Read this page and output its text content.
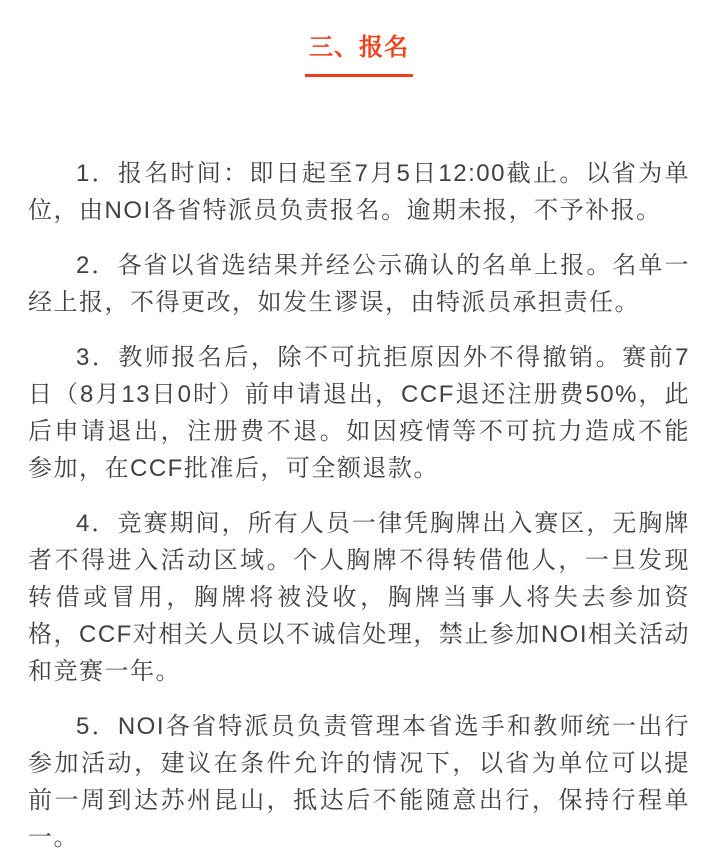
三、报名

1．报名时间：即日起至7月5日12:00截止。以省为单位，由NOI各省特派员负责报名。逾期未报，不予补报。

2．各省以省选结果并经公示确认的名单上报。名单一经上报，不得更改，如发生谬误，由特派员承担责任。

3．教师报名后，除不可抗拒原因外不得撤销。赛前7日（8月13日0时）前申请退出，CCF退还注册费50%，此后申请退出，注册费不退。如因疫情等不可抗力造成不能参加，在CCF批准后，可全额退款。

4．竞赛期间，所有人员一律凭胸牌出入赛区，无胸牌者不得进入活动区域。个人胸牌不得转借他人，一旦发现转借或冒用，胸牌将被没收，胸牌当事人将失去参加资格，CCF对相关人员以不诚信处理，禁止参加NOI相关活动和竞赛一年。

5．NOI各省特派员负责管理本省选手和教师统一出行参加活动，建议在条件允许的情况下，以省为单位可以提前一周到达苏州昆山，抵达后不能随意出行，保持行程单一。
